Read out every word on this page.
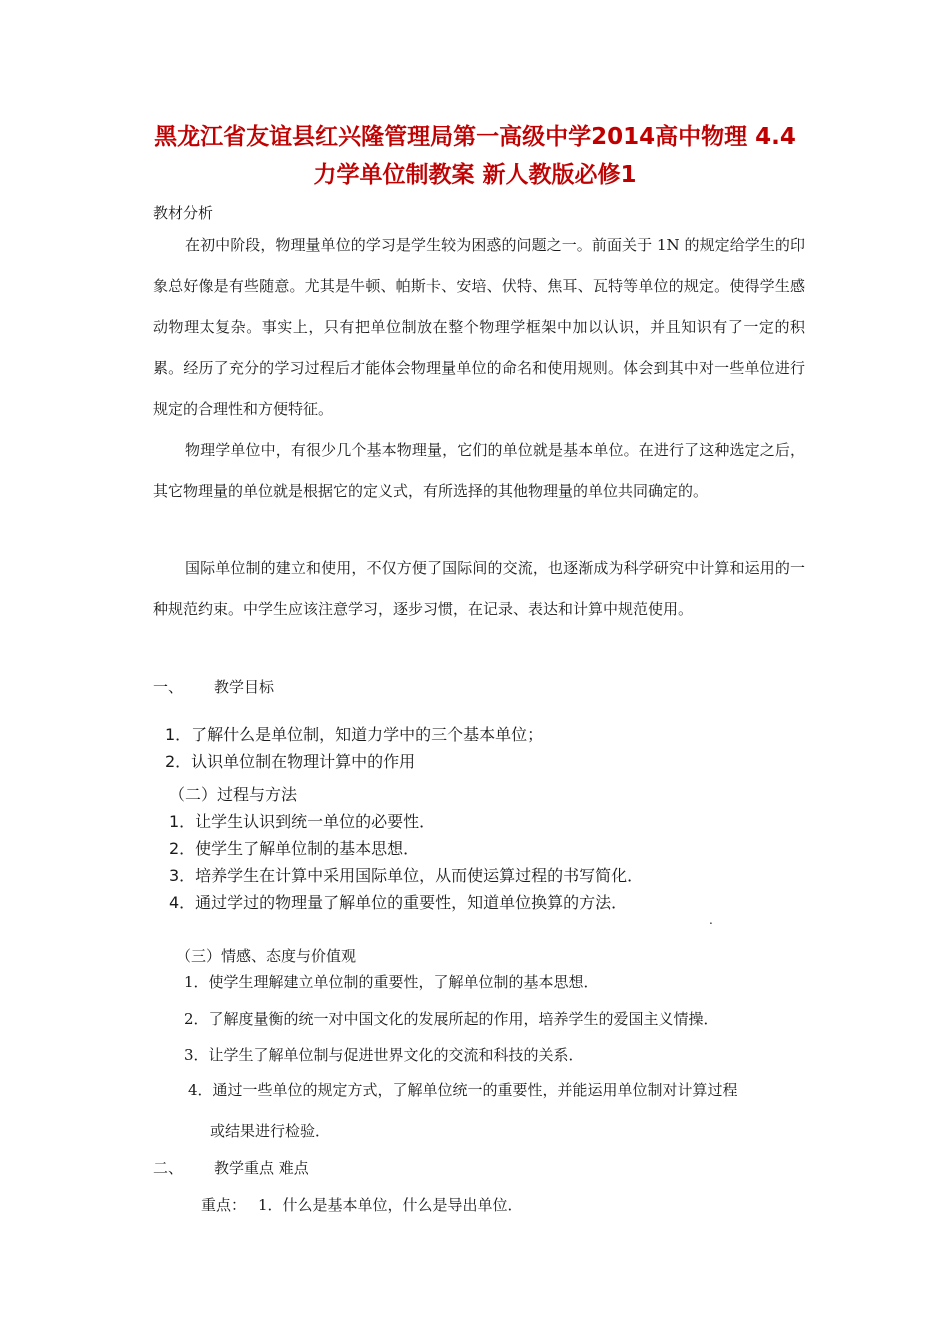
黑龙江省友谊县红兴隆管理局第一高级中学2014高中物理 4.4 力学单位制教案 新人教版必修1
教材分析

在初中阶段，物理量单位的学习是学生较为困惑的问题之一。前面关于 1N 的规定给学生的印象总好像是有些随意。尤其是牛顿、帕斯卡、安培、伏特、焦耳、瓦特等单位的规定。使得学生感动物理太复杂。事实上，只有把单位制放在整个物理学框架中加以认识，并且知识有了一定的积累。经历了充分的学习过程后才能体会物理量单位的命名和使用规则。体会到其中对一些单位进行规定的合理性和方便特征。

物理学单位中，有很少几个基本物理量，它们的单位就是基本单位。在进行了这种选定之后，其它物理量的单位就是根据它的定义式，有所选择的其他物理量的单位共同确定的。

国际单位制的建立和使用，不仅方便了国际间的交流，也逐渐成为科学研究中计算和运用的一种规范约束。中学生应该注意学习，逐步习惯，在记录、表达和计算中规范使用。

一、 教学目标
1．了解什么是单位制，知道力学中的三个基本单位；
2．认识单位制在物理计算中的作用
（二）过程与方法
1．让学生认识到统一单位的必要性．
2．使学生了解单位制的基本思想．
3．培养学生在计算中采用国际单位，从而使运算过程的书写简化．
4．通过学过的物理量了解单位的重要性，知道单位换算的方法．
.
（三）情感、态度与价值观
1．使学生理解建立单位制的重要性，了解单位制的基本思想．
2．了解度量衡的统一对中国文化的发展所起的作用，培养学生的爱国主义情操．
3．让学生了解单位制与促进世界文化的交流和科技的关系．
4．通过一些单位的规定方式，了解单位统一的重要性，并能运用单位制对计算过程
或结果进行检验．
二、 教学重点 难点
重点： 1．什么是基本单位，什么是导出单位．
